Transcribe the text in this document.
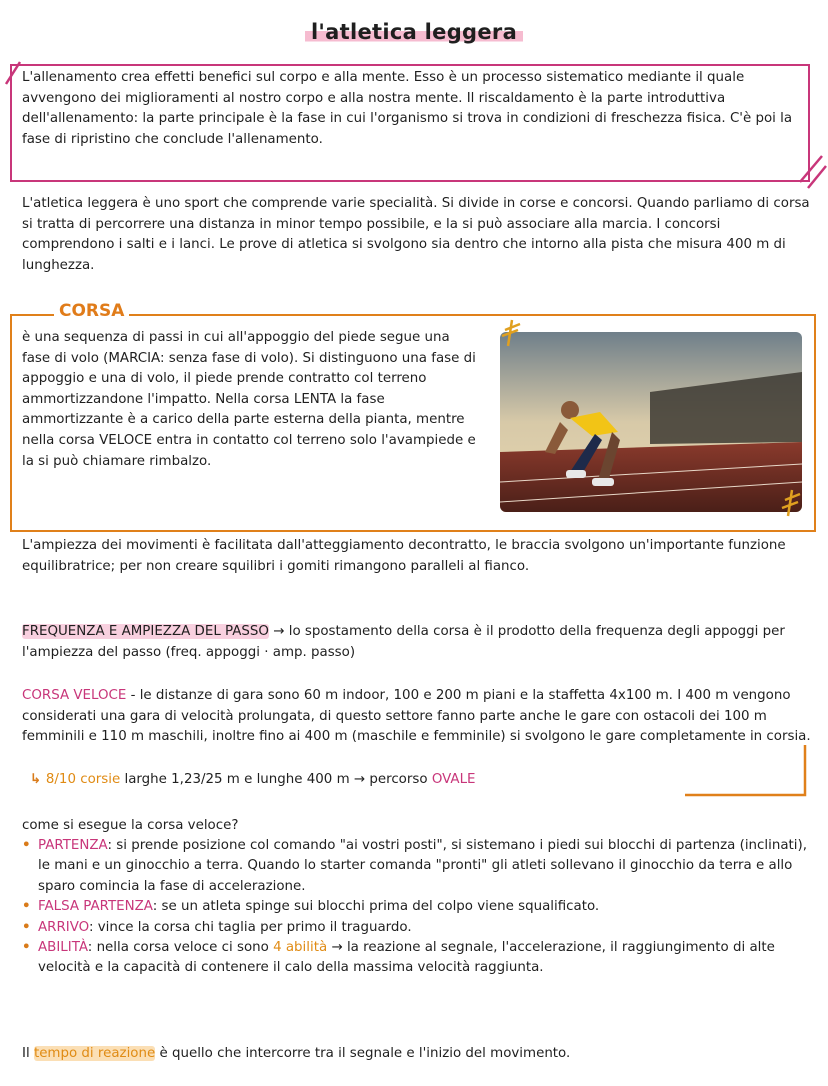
l'atletica leggera
L'allenamento crea effetti benefici sul corpo e alla mente. Esso è un processo sistematico mediante il quale avvengono dei miglioramenti al nostro corpo e alla nostra mente. Il riscaldamento è la parte introduttiva dell'allenamento: la parte principale è la fase in cui l'organismo si trova in condizioni di freschezza fisica. C'è poi la fase di ripristino che conclude l'allenamento.
L'atletica leggera è uno sport che comprende varie specialità. Si divide in corse e concorsi. Quando parliamo di corsa si tratta di percorrere una distanza in minor tempo possibile, e la si può associare alla marcia. I concorsi comprendono i salti e i lanci. Le prove di atletica si svolgono sia dentro che intorno alla pista che misura 400 m di lunghezza.
CORSA
è una sequenza di passi in cui all'appoggio del piede segue una fase di volo (MARCIA: senza fase di volo). Si distinguono una fase di appoggio e una di volo, il piede prende contratto col terreno ammortizzandone l'impatto. Nella corsa LENTA la fase ammortizzante è a carico della parte esterna della pianta, mentre nella corsa VELOCE entra in contatto col terreno solo l'avampiede e la si può chiamare rimbalzo.
L'ampiezza dei movimenti è facilitata dall'atteggiamento decontratto, le braccia svolgono un'importante funzione equilibratrice; per non creare squilibri i gomiti rimangono paralleli al fianco.
FREQUENZA E AMPIEZZA DEL PASSO → lo spostamento della corsa è il prodotto della frequenza degli appoggi per l'ampiezza del passo (freq. appoggi · amp. passo)
CORSA VELOCE - le distanze di gara sono 60 m indoor, 100 e 200 m piani e la staffetta 4x100 m. I 400 m vengono considerati una gara di velocità prolungata, di questo settore fanno parte anche le gare con ostacoli dei 100 m femminili e 110 m maschili, inoltre fino ai 400 m (maschile e femminile) si svolgono le gare completamente in corsia.
↳ 8/10 corsie larghe 1,23/25 m e lunghe 400 m → percorso OVALE
come si esegue la corsa veloce?
• PARTENZA: si prende posizione col comando "ai vostri posti", si sistemano i piedi sui blocchi di partenza (inclinati), le mani e un ginocchio a terra. Quando lo starter comanda "pronti" gli atleti sollevano il ginocchio da terra e allo sparo comincia la fase di accelerazione.
• FALSA PARTENZA: se un atleta spinge sui blocchi prima del colpo viene squalificato.
• ARRIVO: vince la corsa chi taglia per primo il traguardo.
• ABILITÀ: nella corsa veloce ci sono 4 abilità → la reazione al segnale, l'accelerazione, il raggiungimento di alte velocità e la capacità di contenere il calo della massima velocità raggiunta.
Il tempo di reazione è quello che intercorre tra il segnale e l'inizio del movimento.
